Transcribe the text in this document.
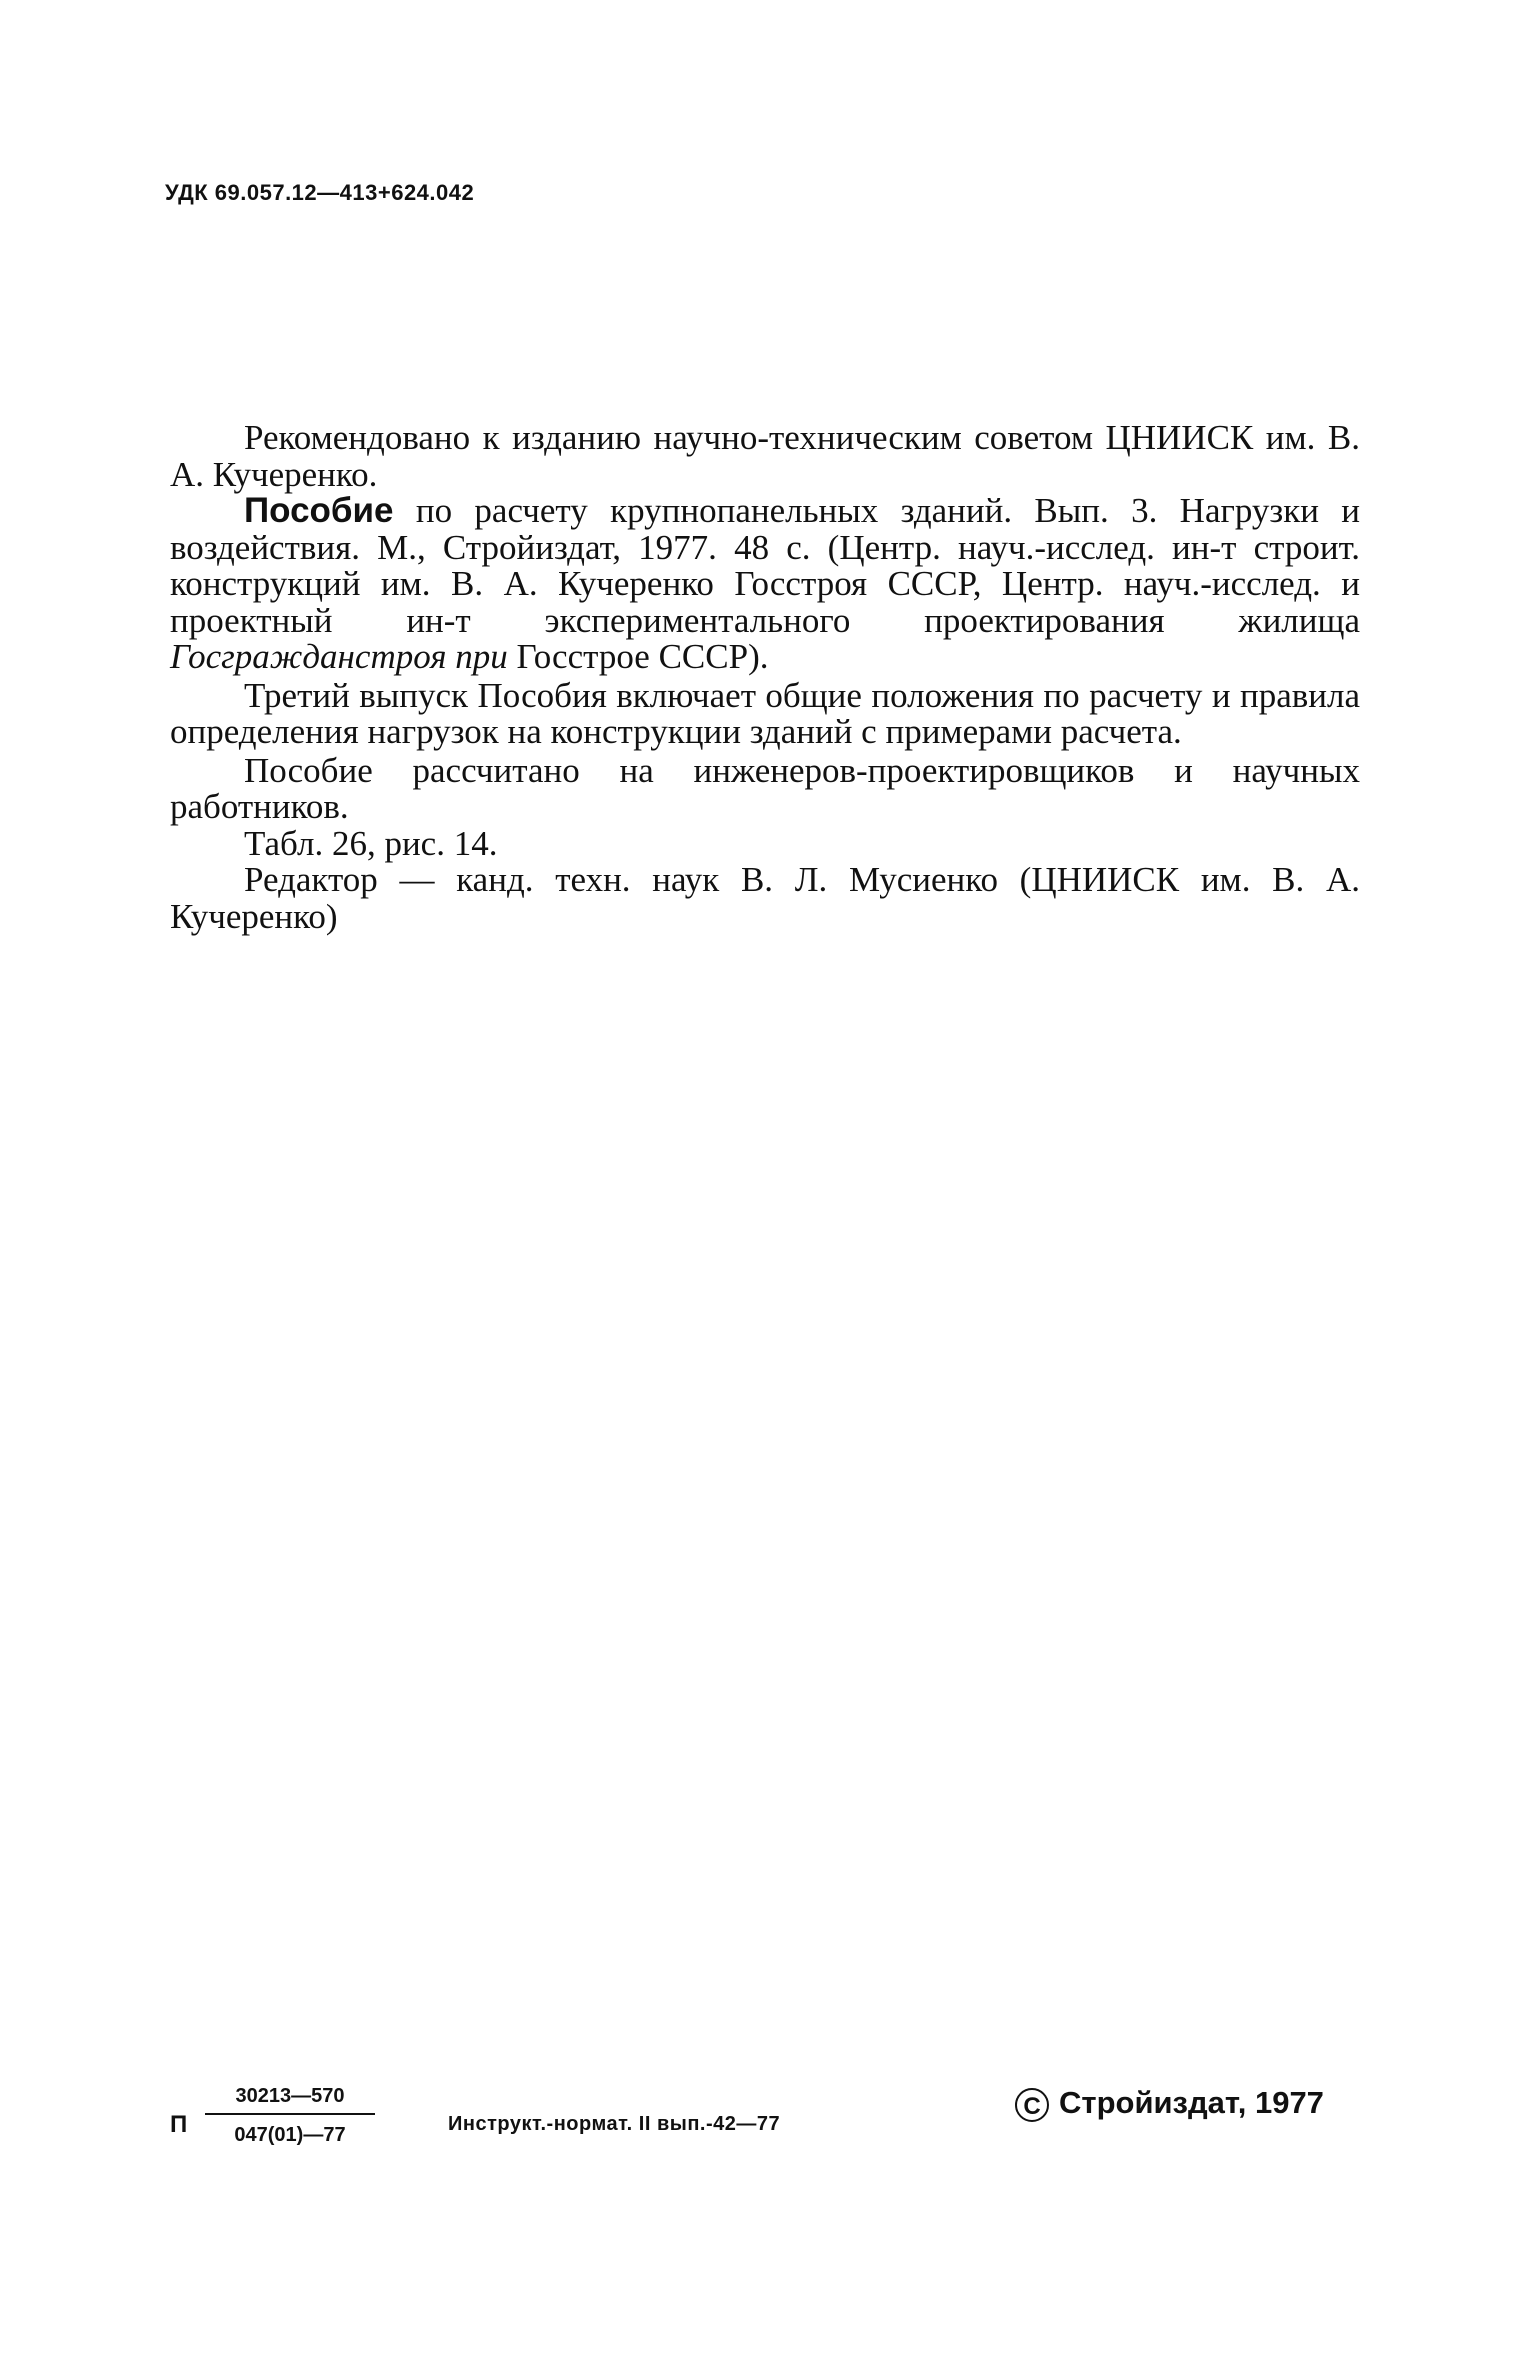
УДК 69.057.12—413+624.042

Рекомендовано к изданию научно-техническим советом ЦНИИСК им. В. А. Кучеренко.

Пособие по расчету крупнопанельных зданий. Вып. 3. Нагрузки и воздействия. М., Стройиздат, 1977. 48 с. (Центр. науч.-исслед. ин-т строит. конструкций им. В. А. Кучеренко Госстроя СССР, Центр. науч.-исслед. и проектный ин-т экспериментального проектирования жилища Госгражданстроя при Госстрое СССР).

Третий выпуск Пособия включает общие положения по расчету и правила определения нагрузок на конструкции зданий с примерами расчета.

Пособие рассчитано на инженеров-проектировщиков и научных работников.

Табл. 26, рис. 14.

Редактор — канд. техн. наук В. Л. Мусиенко (ЦНИИСК им. В. А. Кучеренко)

П
30213—570
047(01)—77	Инструкт.-нормат. II вып.-42—77
C Стройиздат, 1977
